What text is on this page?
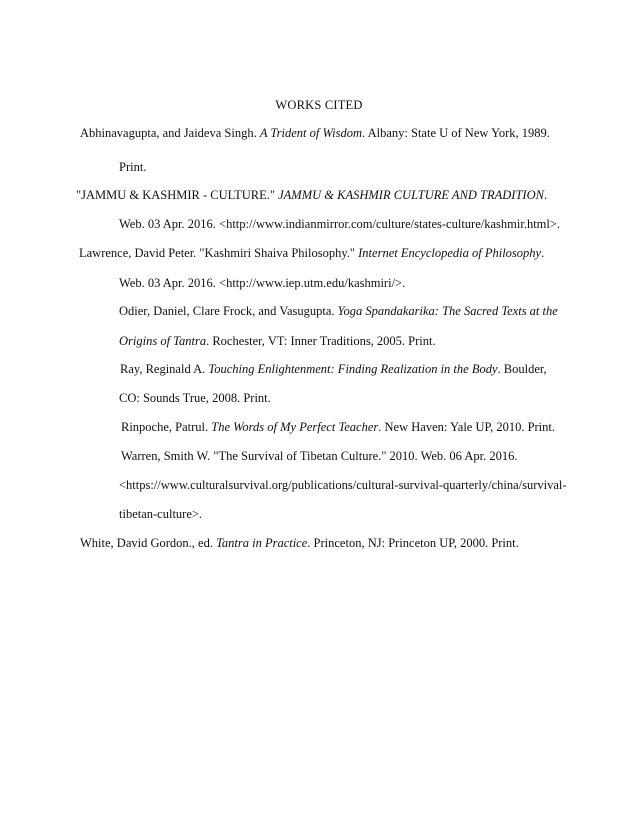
WORKS CITED
Abhinavagupta, and Jaideva Singh. A Trident of Wisdom. Albany: State U of New York, 1989.
Print.
"JAMMU & KASHMIR - CULTURE." JAMMU & KASHMIR CULTURE AND TRADITION.
Web. 03 Apr. 2016. <http://www.indianmirror.com/culture/states-culture/kashmir.html>.
Lawrence, David Peter. "Kashmiri Shaiva Philosophy." Internet Encyclopedia of Philosophy.
Web. 03 Apr. 2016. <http://www.iep.utm.edu/kashmiri/>.
Odier, Daniel, Clare Frock, and Vasugupta. Yoga Spandakarika: The Sacred Texts at the
Origins of Tantra. Rochester, VT: Inner Traditions, 2005. Print.
Ray, Reginald A. Touching Enlightenment: Finding Realization in the Body. Boulder,
CO: Sounds True, 2008. Print.
Rinpoche, Patrul. The Words of My Perfect Teacher. New Haven: Yale UP, 2010. Print.
Warren, Smith W. "The Survival of Tibetan Culture." 2010. Web. 06 Apr. 2016.
<https://www.culturalsurvival.org/publications/cultural-survival-quarterly/china/survival-
tibetan-culture>.
White, David Gordon., ed. Tantra in Practice. Princeton, NJ: Princeton UP, 2000. Print.
